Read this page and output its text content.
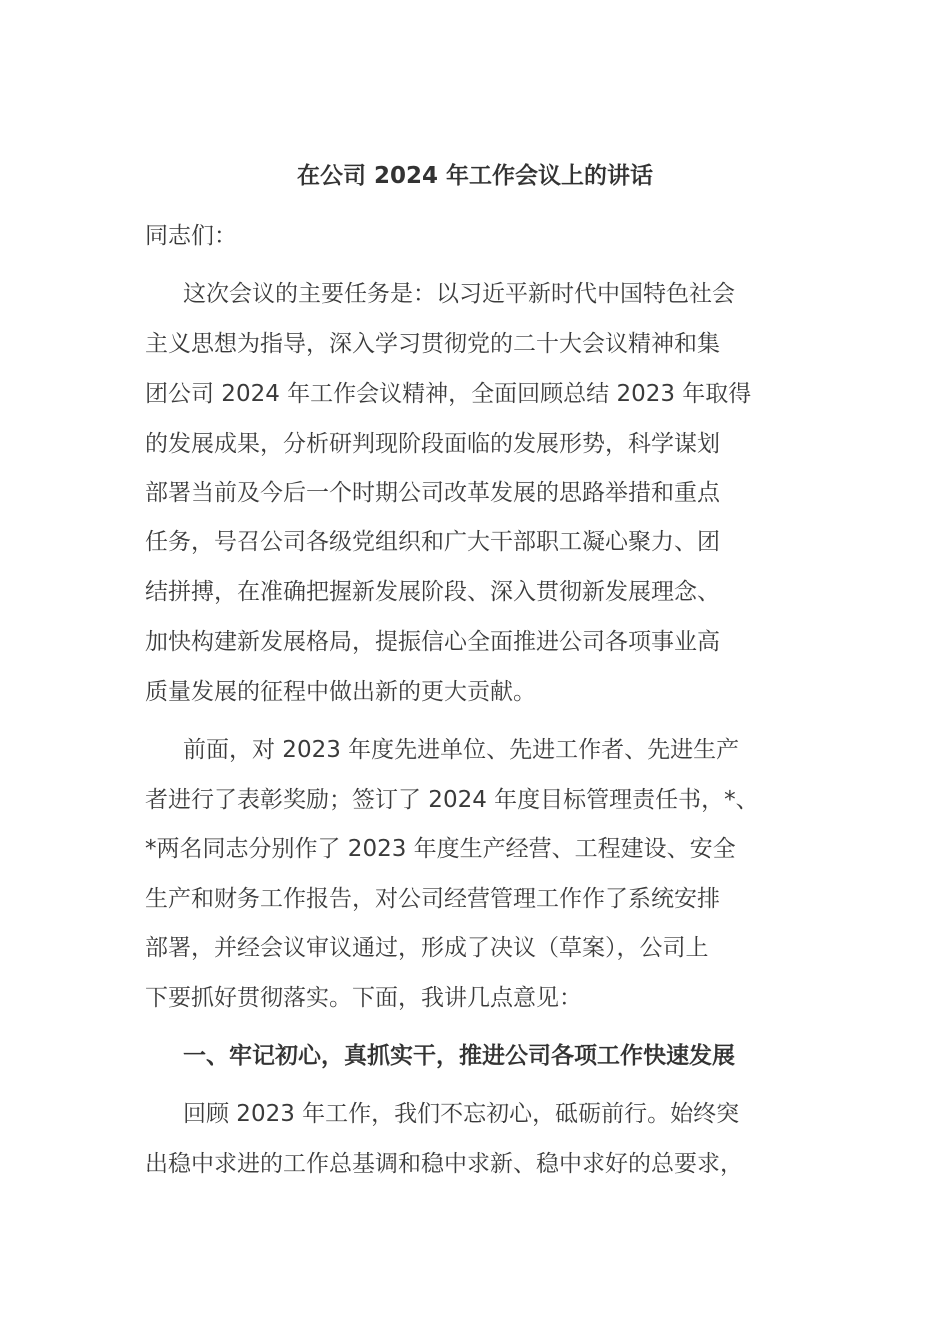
在公司 2024 年工作会议上的讲话
同志们：
这次会议的主要任务是：以习近平新时代中国特色社会
主义思想为指导，深入学习贯彻党的二十大会议精神和集
团公司 2024 年工作会议精神，全面回顾总结 2023 年取得
的发展成果，分析研判现阶段面临的发展形势，科学谋划
部署当前及今后一个时期公司改革发展的思路举措和重点
任务，号召公司各级党组织和广大干部职工凝心聚力、团
结拼搏，在准确把握新发展阶段、深入贯彻新发展理念、
加快构建新发展格局，提振信心全面推进公司各项事业高
质量发展的征程中做出新的更大贡献。
前面，对 2023 年度先进单位、先进工作者、先进生产
者进行了表彰奖励；签订了 2024 年度目标管理责任书，*、
*两名同志分别作了 2023 年度生产经营、工程建设、安全
生产和财务工作报告，对公司经营管理工作作了系统安排
部署，并经会议审议通过，形成了决议（草案），公司上
下要抓好贯彻落实。下面，我讲几点意见：
一、牢记初心，真抓实干，推进公司各项工作快速发展
回顾 2023 年工作，我们不忘初心，砥砺前行。始终突
出稳中求进的工作总基调和稳中求新、稳中求好的总要求，
